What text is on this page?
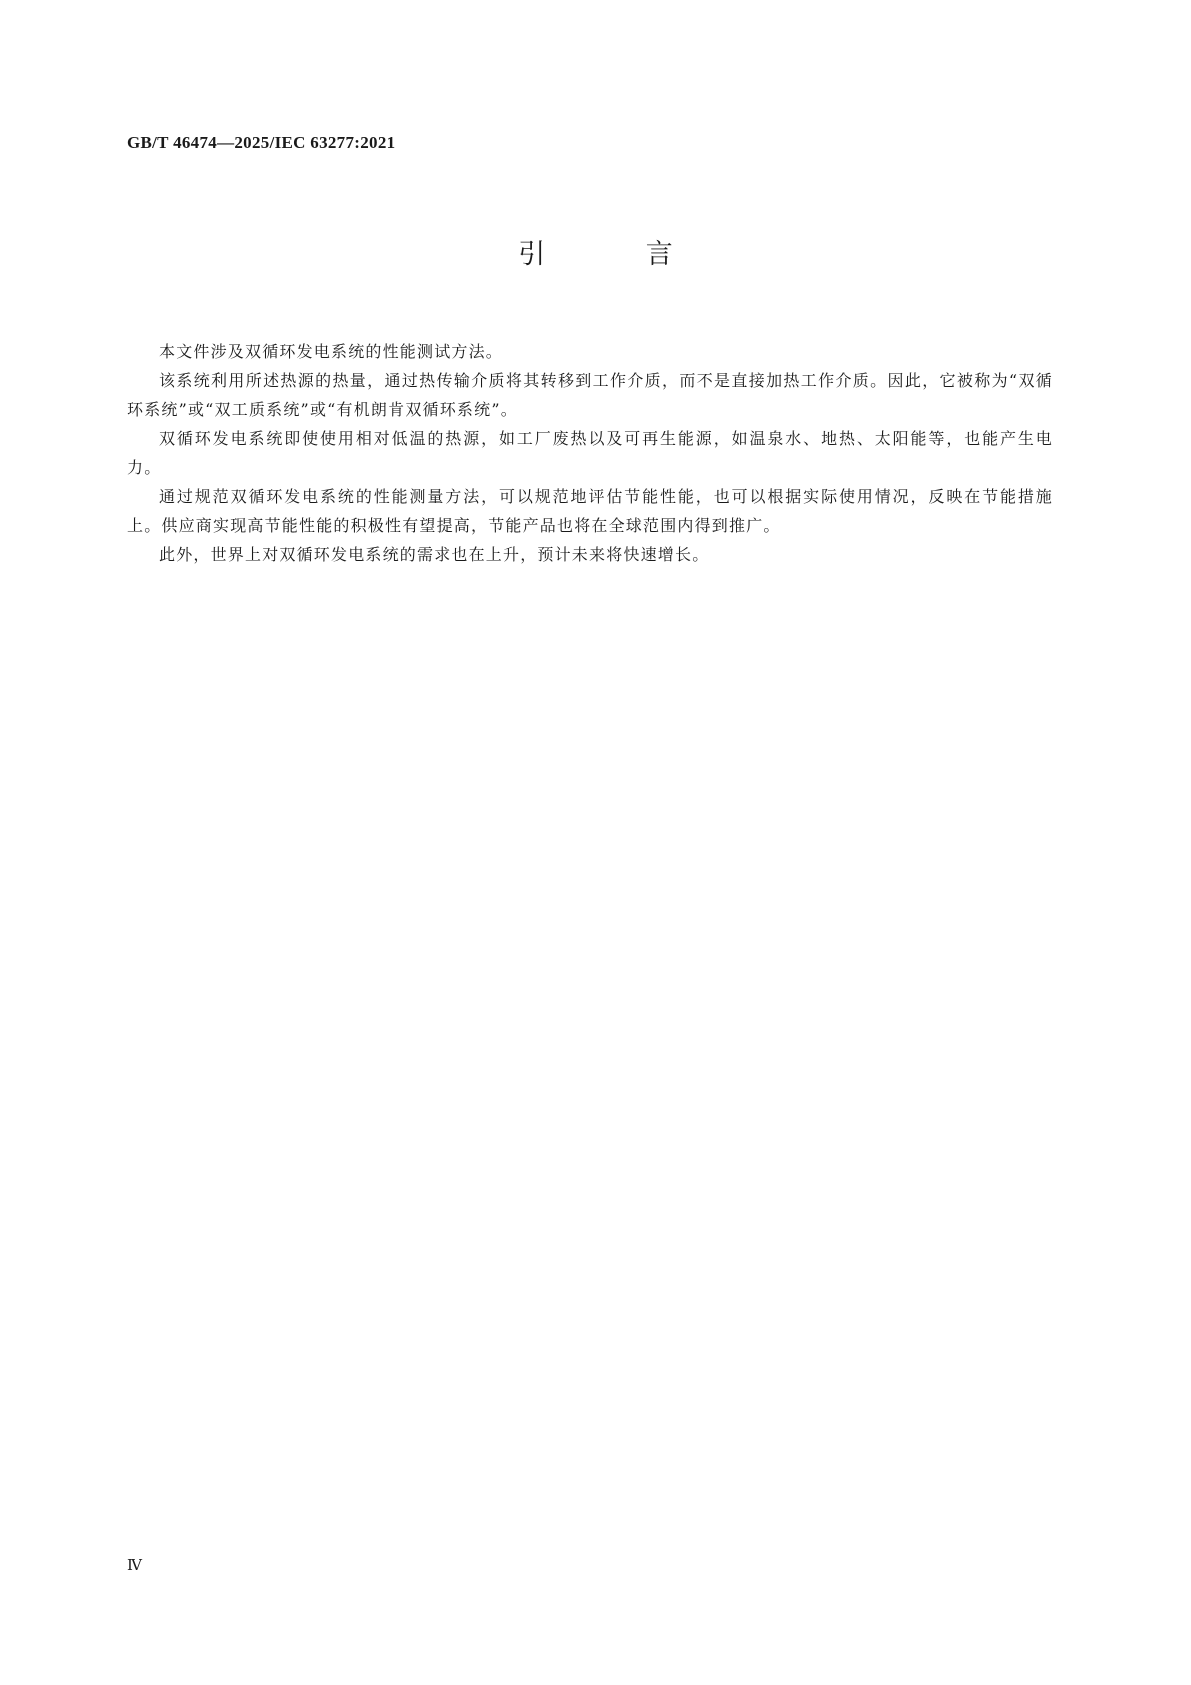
GB/T 46474—2025/IEC 63277:2021
引 言

本文件涉及双循环发电系统的性能测试方法。

该系统利用所述热源的热量，通过热传输介质将其转移到工作介质，而不是直接加热工作介质。因此，它被称为“双循环系统”或“双工质系统”或“有机朗肯双循环系统”。

双循环发电系统即使使用相对低温的热源，如工厂废热以及可再生能源，如温泉水、地热、太阳能等，也能产生电力。

通过规范双循环发电系统的性能测量方法，可以规范地评估节能性能，也可以根据实际使用情况，反映在节能措施上。供应商实现高节能性能的积极性有望提高，节能产品也将在全球范围内得到推广。

此外，世界上对双循环发电系统的需求也在上升，预计未来将快速增长。

Ⅳ
